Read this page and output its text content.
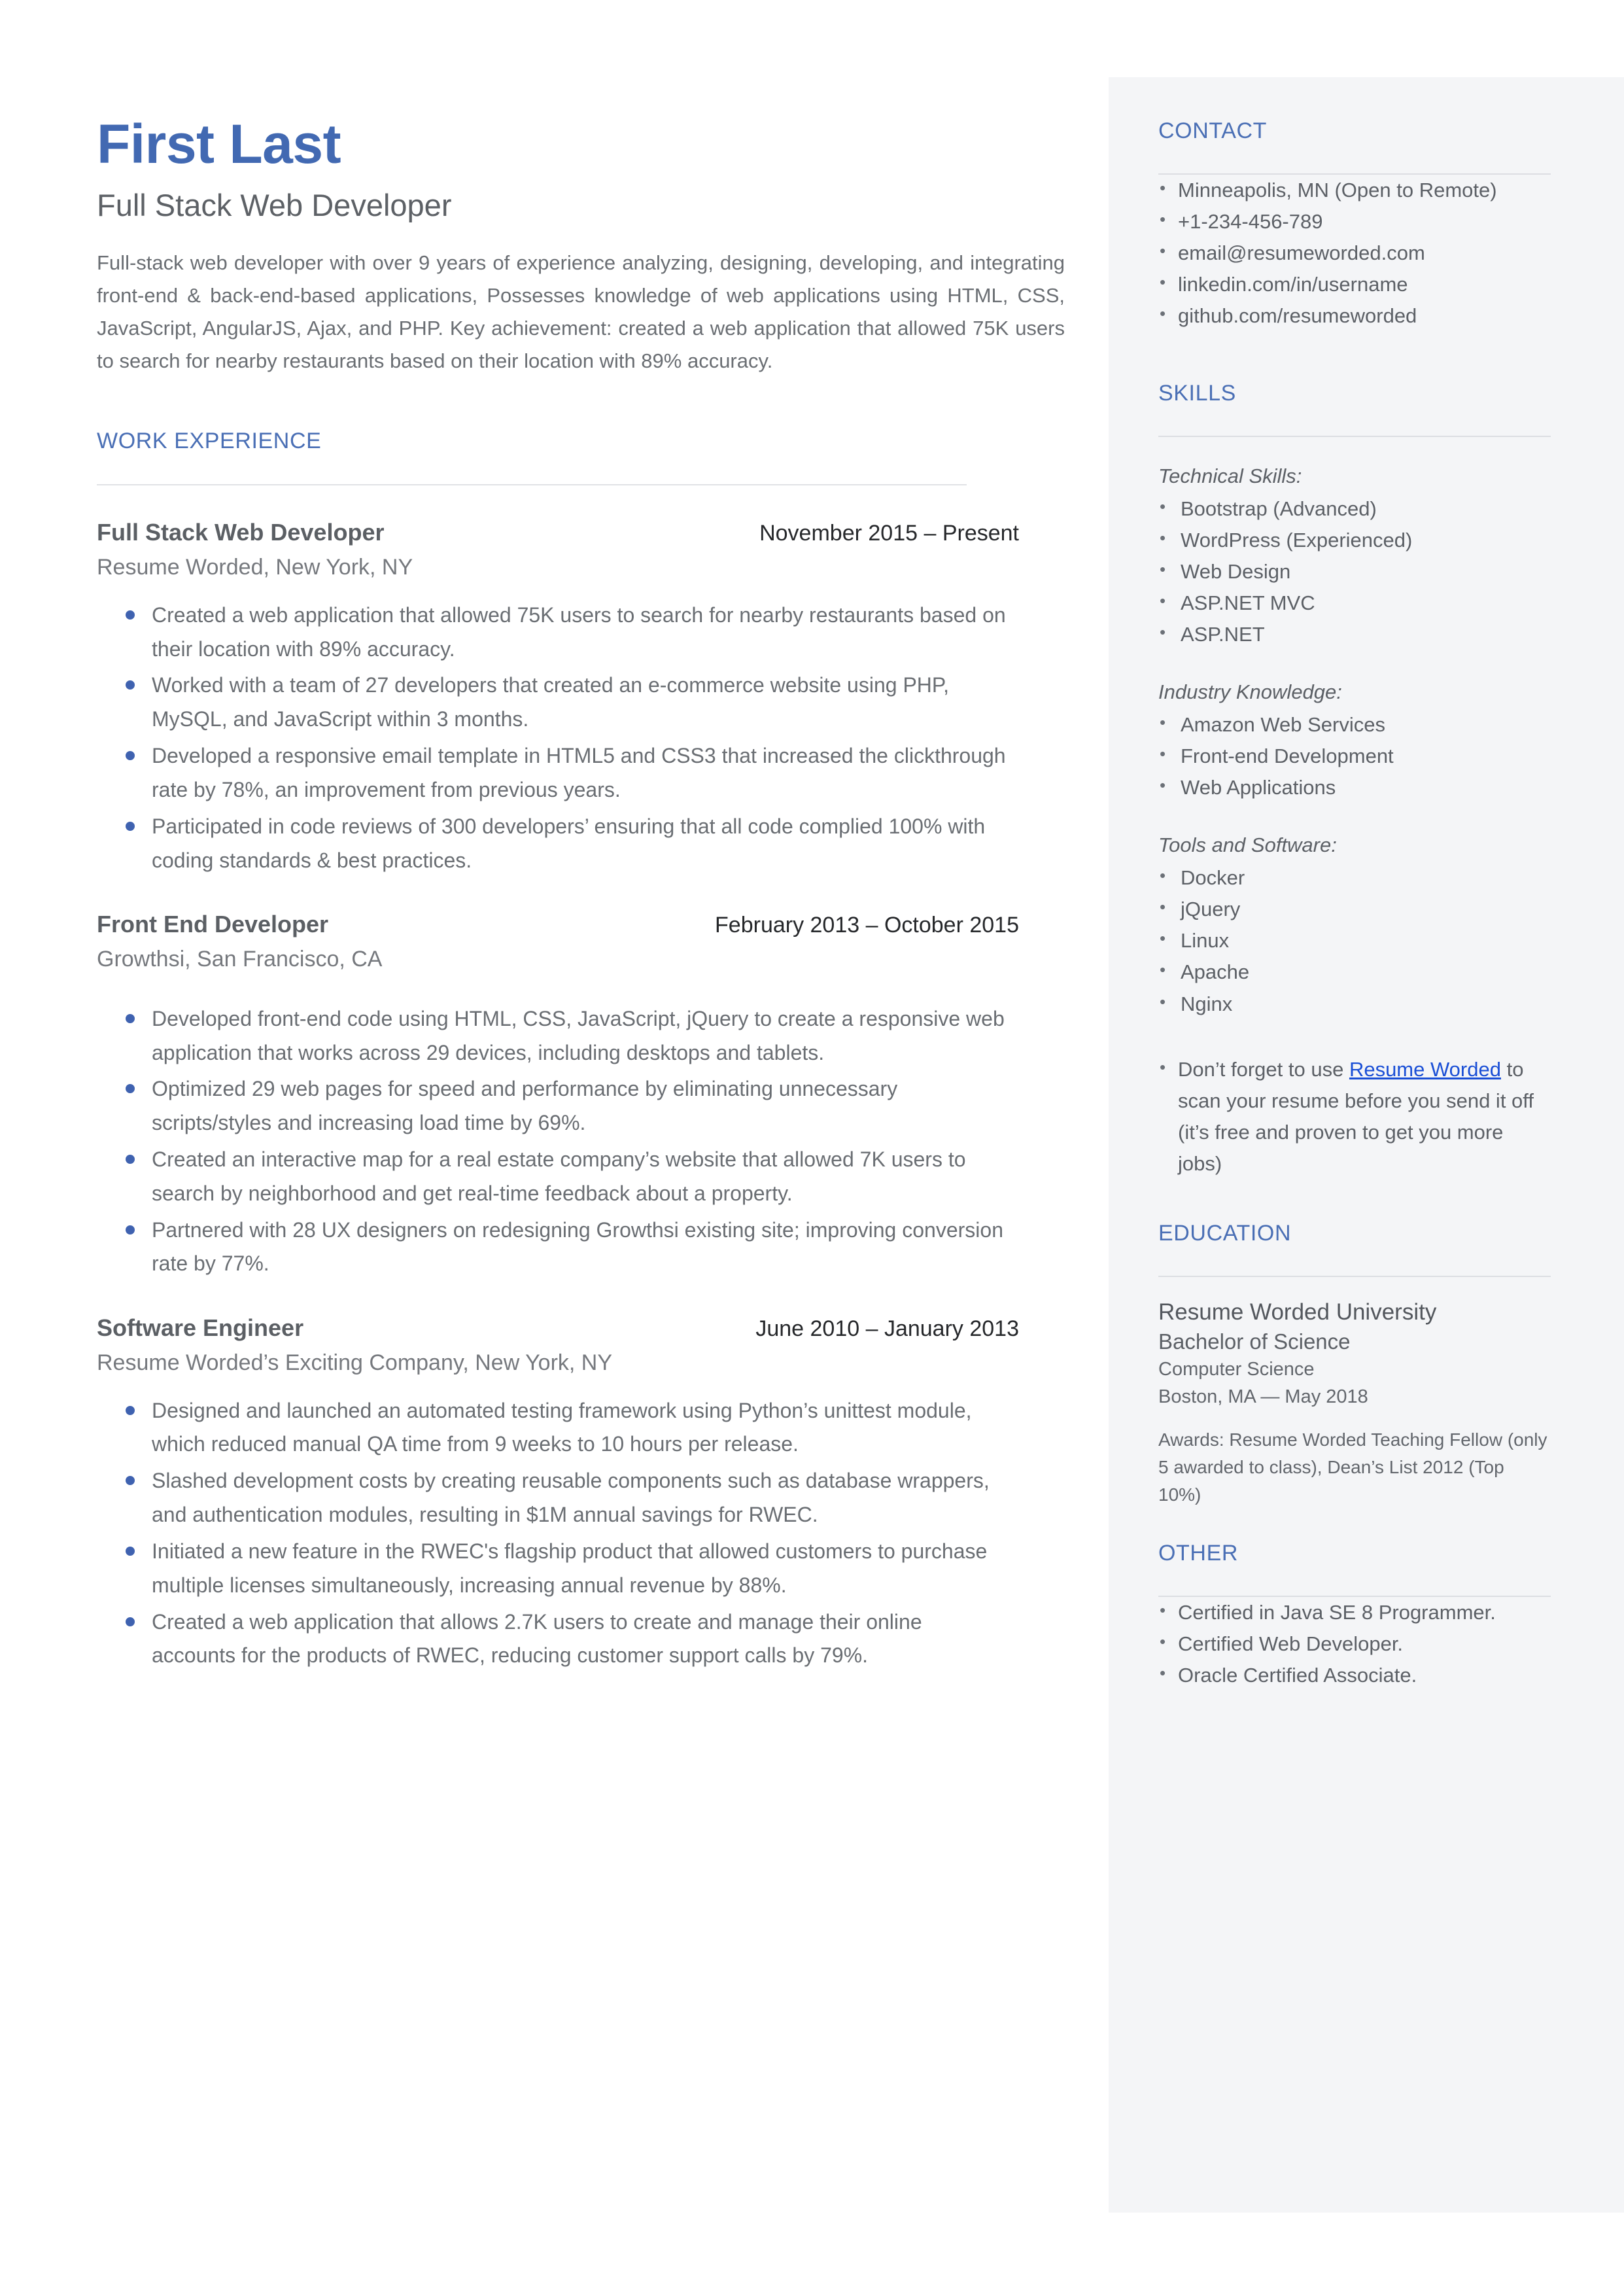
CONTACT
• Minneapolis, MN (Open to Remote)
• +1-234-456-789
• email@resumeworded.com
• linkedin.com/in/username
• github.com/resumeworded
SKILLS
Technical Skills:
• Bootstrap (Advanced)
• WordPress (Experienced)
• Web Design
• ASP.NET MVC
• ASP.NET
Industry Knowledge:
• Amazon Web Services
• Front-end Development
• Web Applications
Tools and Software:
• Docker
• jQuery
• Linux
• Apache
• Nginx
• Don’t forget to use Resume Worded to scan your resume before you send it off (it’s free and proven to get you more jobs)
EDUCATION
Resume Worded University
Bachelor of Science
Computer Science
Boston, MA — May 2018
Awards: Resume Worded Teaching Fellow (only 5 awarded to class), Dean’s List 2012 (Top 10%)
OTHER
• Certified in Java SE 8 Programmer.
• Certified Web Developer.
• Oracle Certified Associate.
First Last
Full Stack Web Developer

Full-stack web developer with over 9 years of experience analyzing, designing, developing, and integrating front-end & back-end-based applications, Possesses knowledge of web applications using HTML, CSS, JavaScript, AngularJS, Ajax, and PHP. Key achievement: created a web application that allowed 75K users to search for nearby restaurants based on their location with 89% accuracy.

WORK EXPERIENCE
Full Stack Web Developer	November 2015 – Present
Resume Worded, New York, NY
Created a web application that allowed 75K users to search for nearby restaurants based on their location with 89% accuracy.
Worked with a team of 27 developers that created an e-commerce website using PHP, MySQL, and JavaScript within 3 months.
Developed a responsive email template in HTML5 and CSS3 that increased the clickthrough rate by 78%, an improvement from previous years.
Participated in code reviews of 300 developers’ ensuring that all code complied 100% with coding standards & best practices.
Front End Developer	February 2013 – October 2015
Growthsi, San Francisco, CA
Developed front-end code using HTML, CSS, JavaScript, jQuery to create a responsive web application that works across 29 devices, including desktops and tablets.
Optimized 29 web pages for speed and performance by eliminating unnecessary scripts/styles and increasing load time by 69%.
Created an interactive map for a real estate company’s website that allowed 7K users to search by neighborhood and get real-time feedback about a property.
Partnered with 28 UX designers on redesigning Growthsi existing site; improving conversion rate by 77%.
Software Engineer	June 2010 – January 2013
Resume Worded’s Exciting Company, New York, NY
Designed and launched an automated testing framework using Python’s unittest module, which reduced manual QA time from 9 weeks to 10 hours per release.
Slashed development costs by creating reusable components such as database wrappers, and authentication modules, resulting in $1M annual savings for RWEC.
Initiated a new feature in the RWEC's flagship product that allowed customers to purchase multiple licenses simultaneously, increasing annual revenue by 88%.
Created a web application that allows 2.7K users to create and manage their online accounts for the products of RWEC, reducing customer support calls by 79%.
